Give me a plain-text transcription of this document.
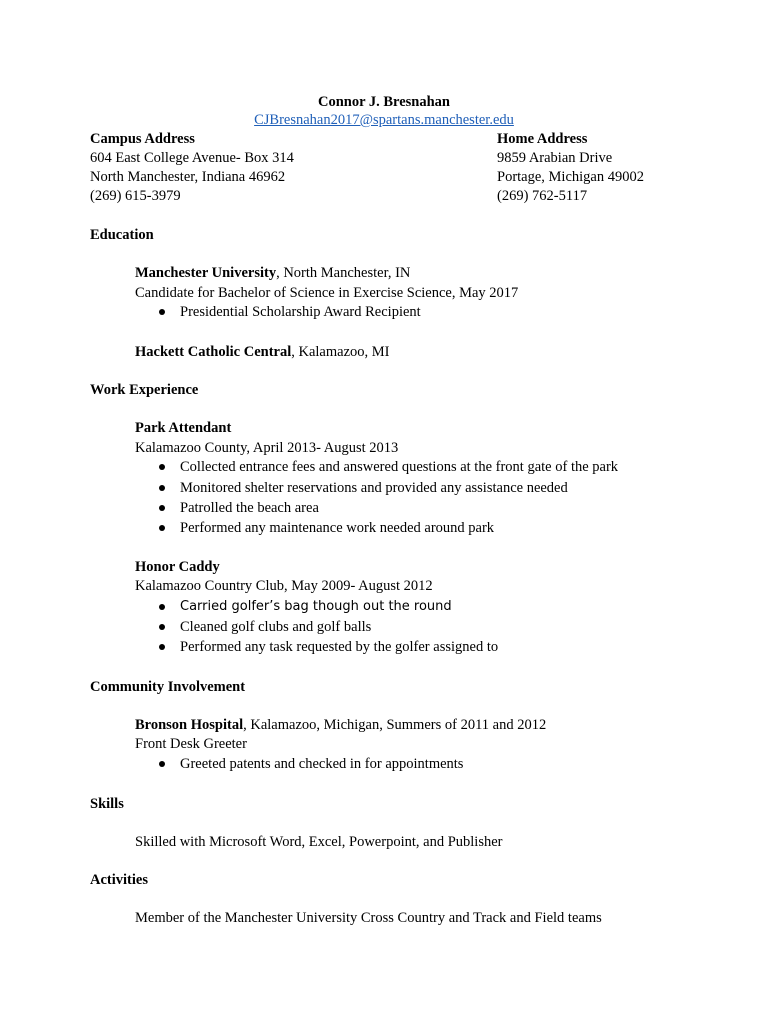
Connor J. Bresnahan
CJBresnahan2017@spartans.manchester.edu
Campus Address
604 East College Avenue- Box 314
North Manchester, Indiana 46962
(269) 615-3979
Home Address
9859 Arabian Drive
Portage, Michigan 49002
(269) 762-5117
Education
Manchester University, North Manchester, IN
Candidate for Bachelor of Science in Exercise Science, May 2017
Presidential Scholarship Award Recipient
Hackett Catholic Central, Kalamazoo, MI
Work Experience
Park Attendant
Kalamazoo County, April 2013- August 2013
Collected entrance fees and answered questions at the front gate of the park
Monitored shelter reservations and provided any assistance needed
Patrolled the beach area
Performed any maintenance work needed around park
Honor Caddy
Kalamazoo Country Club, May 2009- August 2012
Carried golfer’s bag though out the round
Cleaned golf clubs and golf balls
Performed any task requested by the golfer assigned to
Community Involvement
Bronson Hospital, Kalamazoo, Michigan, Summers of 2011 and 2012
Front Desk Greeter
Greeted patents and checked in for appointments
Skills
Skilled with Microsoft Word, Excel, Powerpoint, and Publisher
Activities
Member of the Manchester University Cross Country and Track and Field teams
